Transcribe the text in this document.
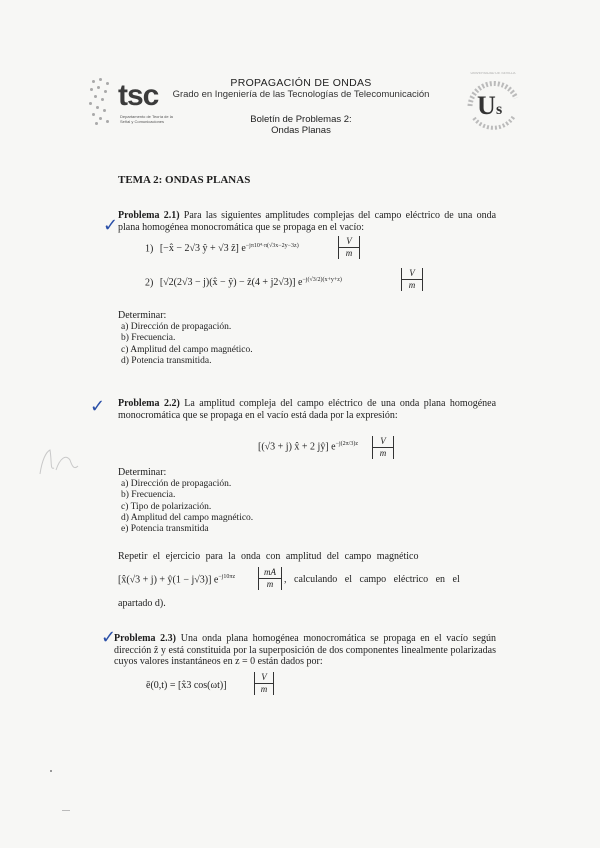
tsc
Departamento de Teoría de la Señal y Comunicaciones
PROPAGACIÓN DE ONDAS
Grado en Ingeniería de las Tecnologías de Telecomunicación
Boletín de Problemas 2:
Ondas Planas
U s
UNIVERSIDAD DE SEVILLA
TEMA 2: ONDAS PLANAS
✓ Problema 2.1) Para las siguientes amplitudes complejas del campo eléctrico de una onda plana homogénea monocromática que se propaga en el vacío:
1) [−x̂ − 2√3 ŷ + √3 ẑ] $e^{-j\pi 10^4\cdot\pi(√3x-2y-3z)}$	$\frac{V}{m}$
2) [√2(2√3 − j)(x̂ − ŷ) − ẑ(4 + j2√3)] $e^{-j(√3/2)(x+y+z)}$	$\frac{V}{m}$
Determinar:
a) Dirección de propagación.
b) Frecuencia.
c) Amplitud del campo magnético.
d) Potencia transmitida.
✓ Problema 2.2) La amplitud compleja del campo eléctrico de una onda plana homogénea monocromática que se propaga en el vacío está dada por la expresión:
[(√3 + j) x̂ + 2 jŷ] $e^{-j(2\pi/3)z} \frac{V}{m}$
Determinar:
a) Dirección de propagación.
b) Frecuencia.
c) Tipo de polarización.
d) Amplitud del campo magnético.
e) Potencia transmitida
Repetir el ejercicio para la onda con amplitud del campo magnético
[x̂(√3 + j) + ŷ(1 − j√3)] $e^{-j10\pi z}$	$\frac{mA}{m}$ , calculando el campo eléctrico en el
apartado d).
✓
Problema 2.3) Una onda plana homogénea monocromática se propaga en el vacío según dirección ẑ y está constituida por la superposición de dos componentes linealmente polarizadas cuyos valores instantáneos en z = 0 están dados por:
ē(0,t) = [x̂3 cos(ωt)]	$\frac{V}{m}$
